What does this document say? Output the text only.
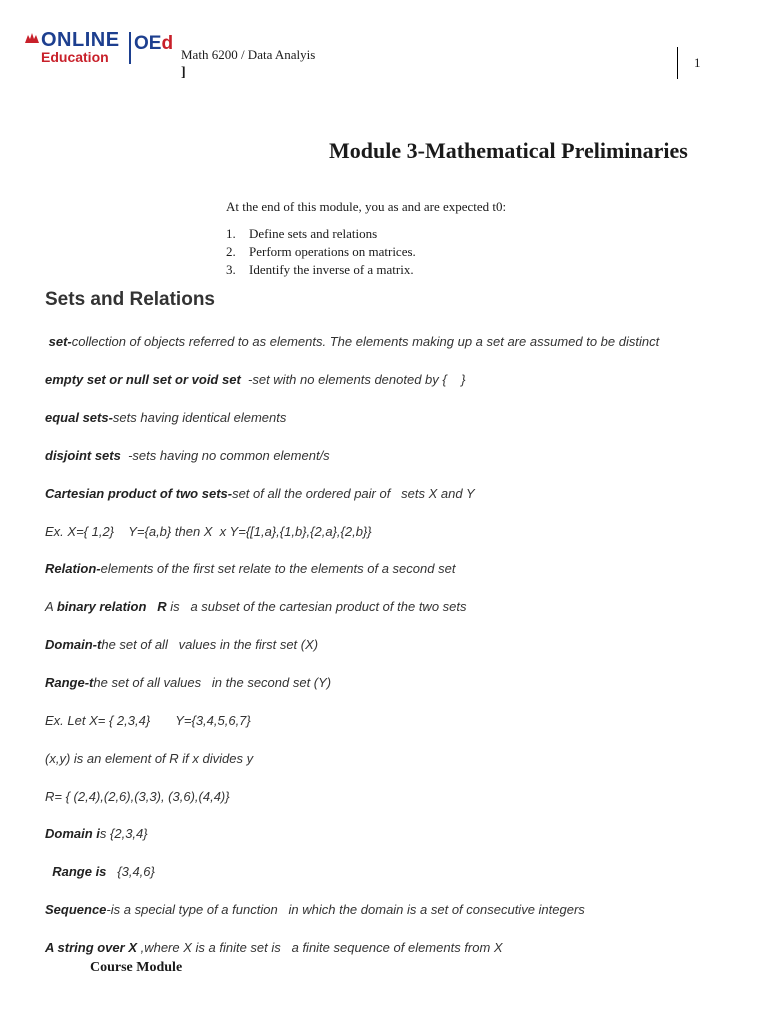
ONLINE
Education
OEd
Math 6200 / Data Analyis
]
1
Module 3-Mathematical Preliminaries
At the end of this module, you as and are expected t0:
1. Define sets and relations
2. Perform operations on matrices.
3. Identify the inverse of a matrix.
Sets and Relations
set-collection of objects referred to as elements. The elements making up a set are assumed to be distinct
empty set or null set or void set  -set with no elements denoted by {    }
equal sets-sets having identical elements
disjoint sets  -sets having no common element/s
Cartesian product of two sets-set of all the ordered pair of   sets X and Y
Ex. X={ 1,2}    Y={a,b} then X  x Y={[1,a},{1,b},{2,a},{2,b}}
Relation-elements of the first set relate to the elements of a second set
A binary relation   R is   a subset of the cartesian product of the two sets
Domain-the set of all   values in the first set (X)
Range-the set of all values   in the second set (Y)
Ex. Let X= { 2,3,4}       Y={3,4,5,6,7}
(x,y) is an element of R if x divides y
R= { (2,4),(2,6),(3,3), (3,6),(4,4)}
Domain is {2,3,4}
Range is   {3,4,6}
Sequence-is a special type of a function   in which the domain is a set of consecutive integers
A string over X ,where X is a finite set is   a finite sequence of elements from X
Course Module
